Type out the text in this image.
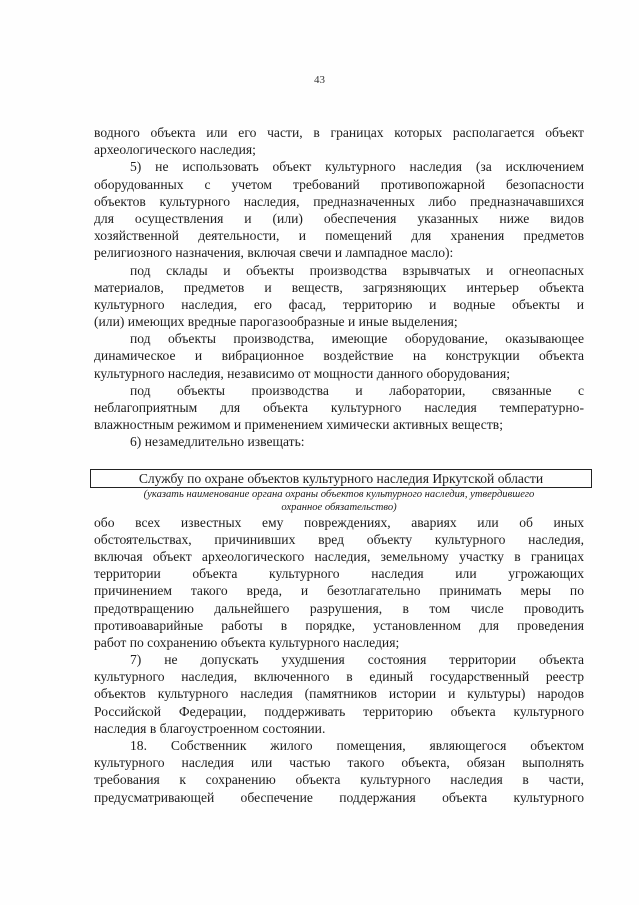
43
водного объекта или его части, в границах которых располагается объект
археологического наследия;
5) не использовать объект культурного наследия (за исключением
оборудованных с учетом требований противопожарной безопасности
объектов культурного наследия, предназначенных либо предназначавшихся
для осуществления и (или) обеспечения указанных ниже видов
хозяйственной деятельности, и помещений для хранения предметов
религиозного назначения, включая свечи и лампадное масло):
под склады и объекты производства взрывчатых и огнеопасных
материалов, предметов и веществ, загрязняющих интерьер объекта
культурного наследия, его фасад, территорию и водные объекты и
(или) имеющих вредные парогазообразные и иные выделения;
под объекты производства, имеющие оборудование, оказывающее
динамическое и вибрационное воздействие на конструкции объекта
культурного наследия, независимо от мощности данного оборудования;
под объекты производства и лаборатории, связанные с
неблагоприятным для объекта культурного наследия температурно-
влажностным режимом и применением химически активных веществ;
6) незамедлительно извещать:
Службу по охране объектов культурного наследия Иркутской области
(указать наименование органа охраны объектов культурного наследия, утвердившего
охранное обязательство)
обо всех известных ему повреждениях, авариях или об иных
обстоятельствах, причинивших вред объекту культурного наследия,
включая объект археологического наследия, земельному участку в границах
территории объекта культурного наследия или угрожающих
причинением такого вреда, и безотлагательно принимать меры по
предотвращению дальнейшего разрушения, в том числе проводить
противоаварийные работы в порядке, установленном для проведения
работ по сохранению объекта культурного наследия;
7) не допускать ухудшения состояния территории объекта
культурного наследия, включенного в единый государственный реестр
объектов культурного наследия (памятников истории и культуры) народов
Российской Федерации, поддерживать территорию объекта культурного
наследия в благоустроенном состоянии.
18. Собственник жилого помещения, являющегося объектом
культурного наследия или частью такого объекта, обязан выполнять
требования к сохранению объекта культурного наследия в части,
предусматривающей обеспечение поддержания объекта культурного
